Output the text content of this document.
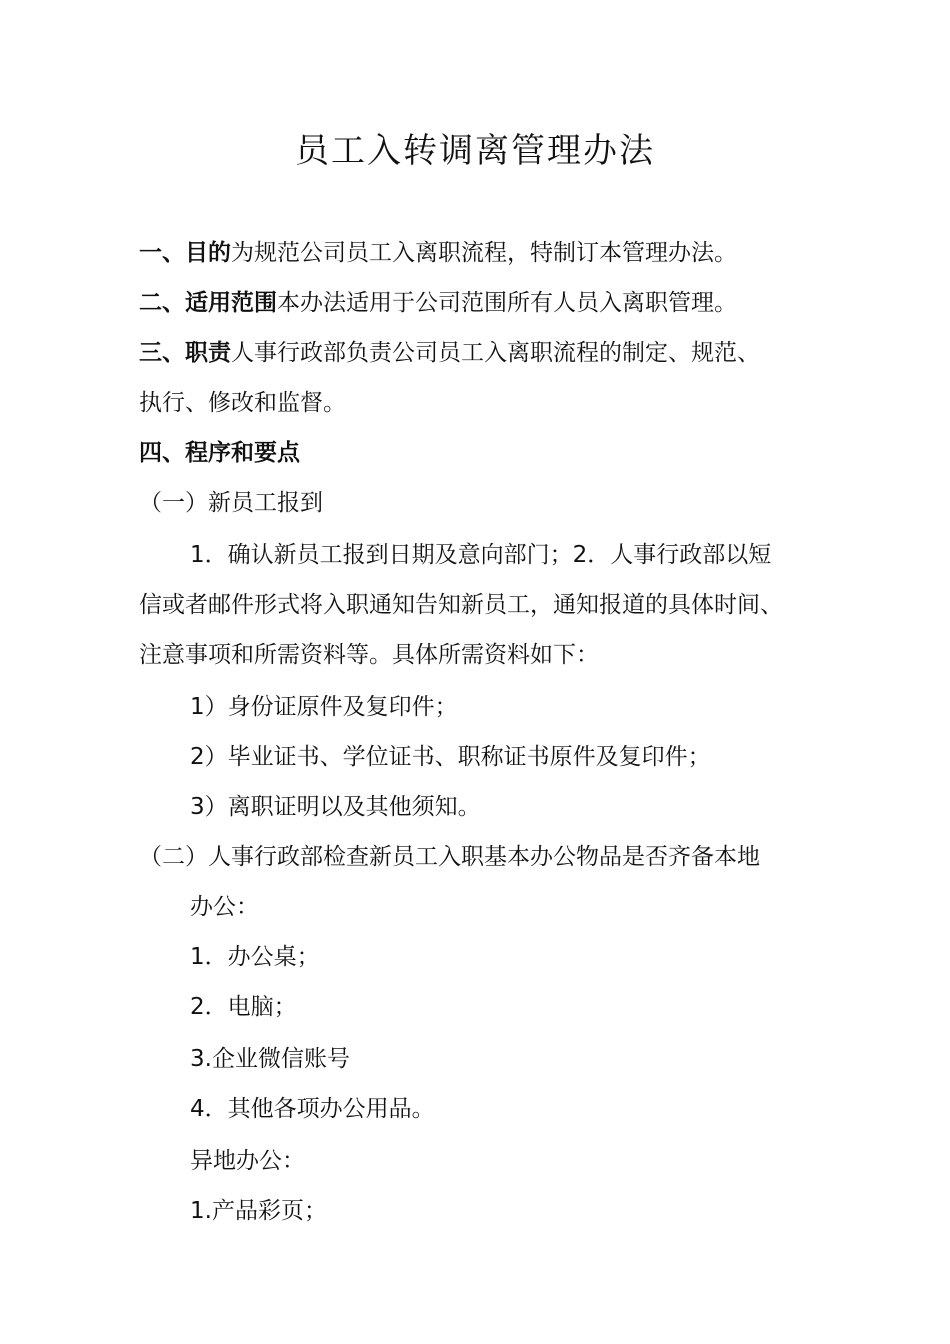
员工入转调离管理办法
一、目的为规范公司员工入离职流程，特制订本管理办法。
二、适用范围本办法适用于公司范围所有人员入离职管理。
三、职责人事行政部负责公司员工入离职流程的制定、规范、
执行、修改和监督。
四、程序和要点
（一）新员工报到
1．确认新员工报到日期及意向部门；2．人事行政部以短
信或者邮件形式将入职通知告知新员工，通知报道的具体时间、
注意事项和所需资料等。具体所需资料如下：
1）身份证原件及复印件；
2）毕业证书、学位证书、职称证书原件及复印件；
3）离职证明以及其他须知。
（二）人事行政部检查新员工入职基本办公物品是否齐备本地
办公：
1．办公桌；
2．电脑；
3.企业微信账号
4．其他各项办公用品。
异地办公：
1.产品彩页；
